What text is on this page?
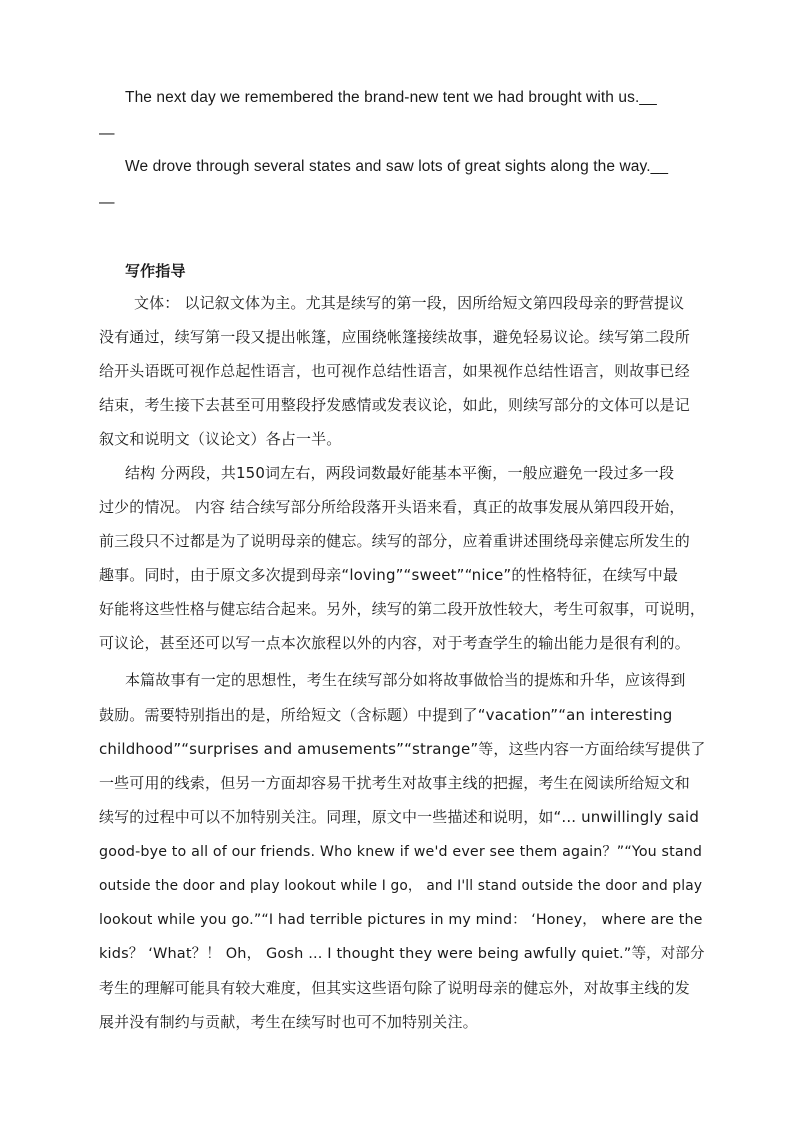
The next day we remembered the brand-new tent we had brought with us.__

—

We drove through several states and saw lots of great sights along the way.__

—

写作指导

文体： 以记叙文体为主。尤其是续写的第一段，因所给短文第四段母亲的野营提议

没有通过，续写第一段又提出帐篷，应围绕帐篷接续故事，避免轻易议论。续写第二段所

给开头语既可视作总起性语言，也可视作总结性语言，如果视作总结性语言，则故事已经

结束，考生接下去甚至可用整段抒发感情或发表议论，如此，则续写部分的文体可以是记

叙文和说明文（议论文）各占一半。

结构 分两段，共150词左右，两段词数最好能基本平衡，一般应避免一段过多一段

过少的情况。 内容 结合续写部分所给段落开头语来看，真正的故事发展从第四段开始，

前三段只不过都是为了说明母亲的健忘。续写的部分，应着重讲述围绕母亲健忘所发生的

趣事。同时，由于原文多次提到母亲“loving”“sweet”“nice”的性格特征，在续写中最

好能将这些性格与健忘结合起来。另外，续写的第二段开放性较大，考生可叙事，可说明，

可议论，甚至还可以写一点本次旅程以外的内容，对于考查学生的输出能力是很有利的。

本篇故事有一定的思想性，考生在续写部分如将故事做恰当的提炼和升华，应该得到

鼓励。需要特别指出的是，所给短文（含标题）中提到了“vacation”“an interesting

childhood”“surprises and amusements”“strange”等，这些内容一方面给续写提供了

一些可用的线索，但另一方面却容易干扰考生对故事主线的把握，考生在阅读所给短文和

续写的过程中可以不加特别关注。同理，原文中一些描述和说明，如“... unwillingly said

good-bye to all of our friends. Who knew if we'd ever see them again？”“You stand

outside the door and play lookout while I go， and I'll stand outside the door and play

lookout while you go.”“I had terrible pictures in my mind： ‘Honey， where are the

kids？ ‘What？！ Oh， Gosh ... I thought they were being awfully quiet.”等，对部分

考生的理解可能具有较大难度，但其实这些语句除了说明母亲的健忘外，对故事主线的发

展并没有制约与贡献，考生在续写时也可不加特别关注。
